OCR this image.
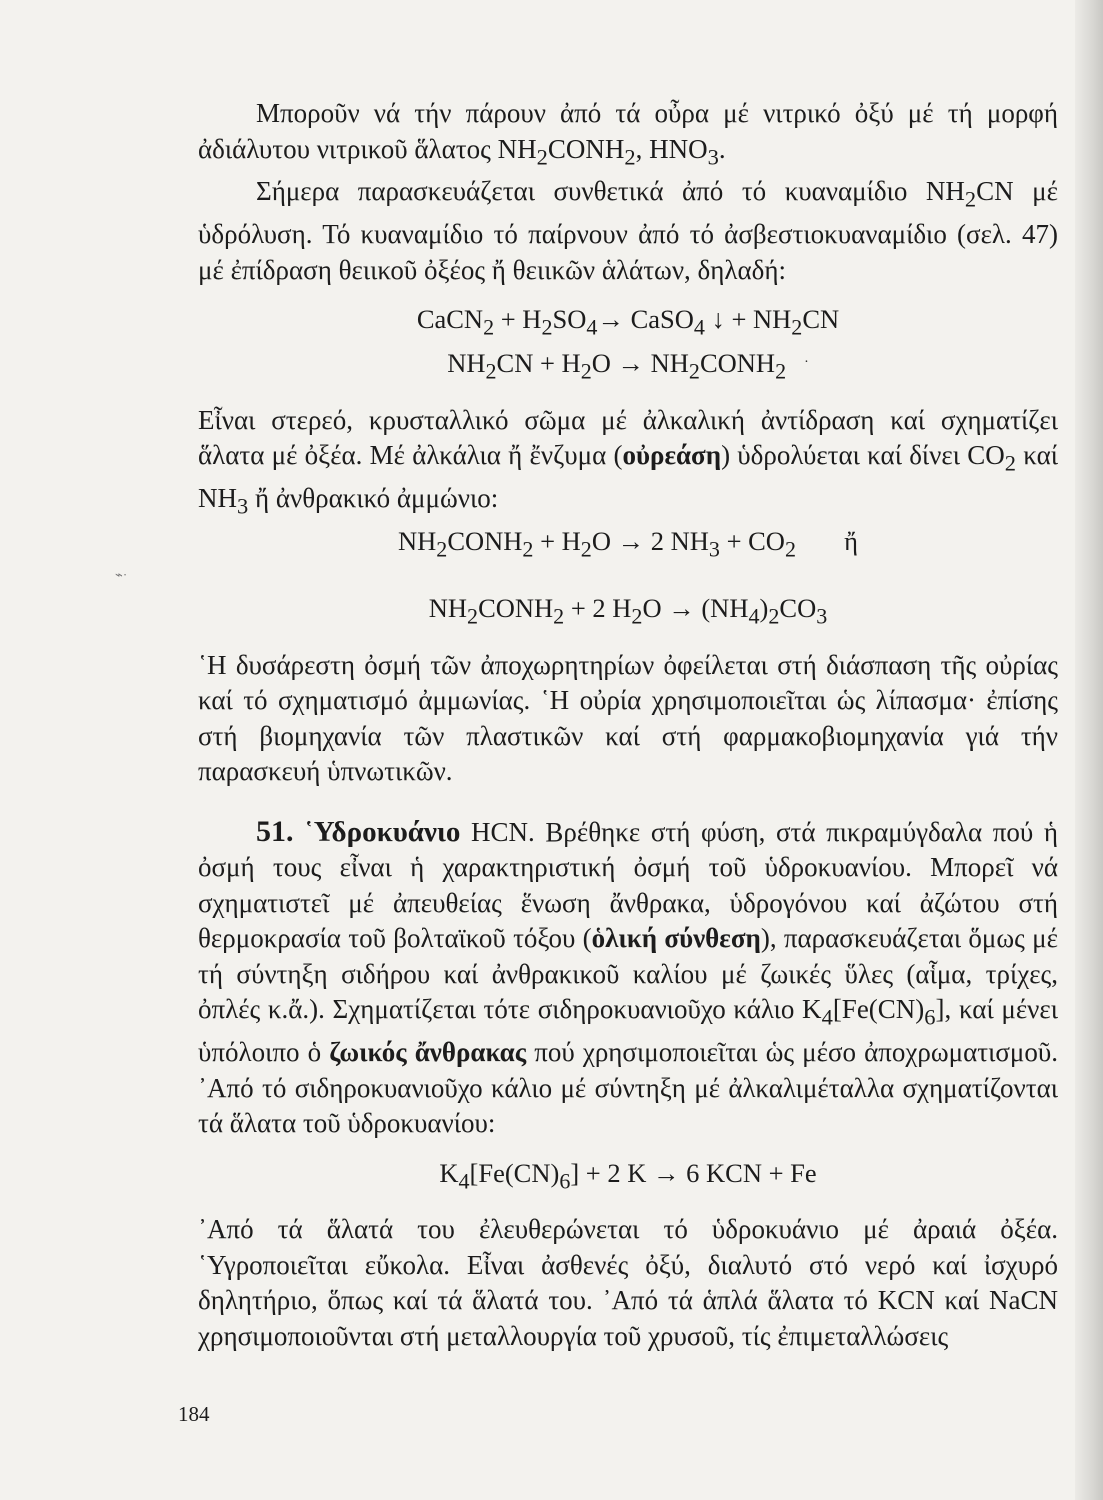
⌁·

Μποροῦν νά τήν πάρουν ἀπό τά οὖρα μέ νιτρικό ὀξύ μέ τή μορφή ἀδιάλυτου νιτρικοῦ ἅλατος $NH_2CONH_2$, $HNO_3$.

Σήμερα παρασκευάζεται συνθετικά ἀπό τό κυαναμίδιο $NH_2CN$ μέ ὑδρόλυση. Τό κυαναμίδιο τό παίρνουν ἀπό τό ἀσβεστιοκυαναμίδιο (σελ. 47) μέ ἐπίδραση θειικοῦ ὀξέος ἤ θειικῶν ἁλάτων, δηλαδή:

CaCN$_2$ + $H_2SO_4\to$ CaSO$_4$ ↓ + $NH_2CN$

$NH_2CN + H_2O$ → $NH_2CONH_2$ ·

Εἶναι στερεό, κρυσταλλικό σῶμα μέ ἀλκαλική ἀντίδραση καί σχηματίζει ἅλατα μέ ὀξέα. Μέ ἀλκάλια ἤ ἔνζυμα (οὐρεάση) ὑδρολύεται καί δίνει $CO_2$ καί $NH_3$ ἤ ἀνθρακικό ἀμμώνιο:

$NH_2CONH_2 + H_2O \to 2$ $NH_3 + CO_2$ ἤ

$NH_2CONH_2 + 2$ $H_2O \to (NH_4)_2CO_3$

῾Η δυσάρεστη ὀσμή τῶν ἀποχωρητηρίων ὀφείλεται στή διάσπαση τῆς οὐρίας καί τό σχηματισμό ἀμμωνίας. ῾Η οὐρία χρησιμοποιεῖται ὡς λίπασμα· ἐπίσης στή βιομηχανία τῶν πλαστικῶν καί στή φαρμακοβιομηχανία γιά τήν παρασκευή ὑπνωτικῶν.

51. ῾Υδροκυάνιο HCN. Βρέθηκε στή φύση, στά πικραμύγδαλα πού ἡ ὀσμή τους εἶναι ἡ χαρακτηριστική ὀσμή τοῦ ὑδροκυανίου. Μπορεῖ νά σχηματιστεῖ μέ ἀπευθείας ἕνωση ἄνθρακα, ὑδρογόνου καί ἀζώτου στή θερμοκρασία τοῦ βολταϊκοῦ τόξου (ὁλική σύνθεση), παρασκευάζεται ὅμως μέ τή σύντηξη σιδήρου καί ἀνθρακικοῦ καλίου μέ ζωικές ὕλες (αἷμα, τρίχες, ὀπλές κ.ἄ.). Σχηματίζεται τότε σιδηροκυανιοῦχο κάλιο $K_4[Fe(CN)_6]$, καί μένει ὑπόλοιπο ὁ ζωικός ἄνθρακας πού χρησιμοποιεῖται ὡς μέσο ἀποχρωματισμοῦ. ᾿Από τό σιδηροκυανιοῦχο κάλιο μέ σύντηξη μέ ἀλκαλιμέταλλα σχηματίζονται τά ἅλατα τοῦ ὑδροκυανίου:

$K_4[Fe(CN)_6] + 2$ K → 6 KCN + Fe

᾿Από τά ἅλατά του ἐλευθερώνεται τό ὑδροκυάνιο μέ ἀραιά ὀξέα. ῾Υγροποιεῖται εὔκολα. Εἶναι ἀσθενές ὀξύ, διαλυτό στό νερό καί ἰσχυρό δηλητήριο, ὅπως καί τά ἅλατά του. ᾿Από τά ἁπλά ἅλατα τό KCN καί NaCN χρησιμοποιοῦνται στή μεταλλουργία τοῦ χρυσοῦ, τίς ἐπιμεταλλώσεις

184
